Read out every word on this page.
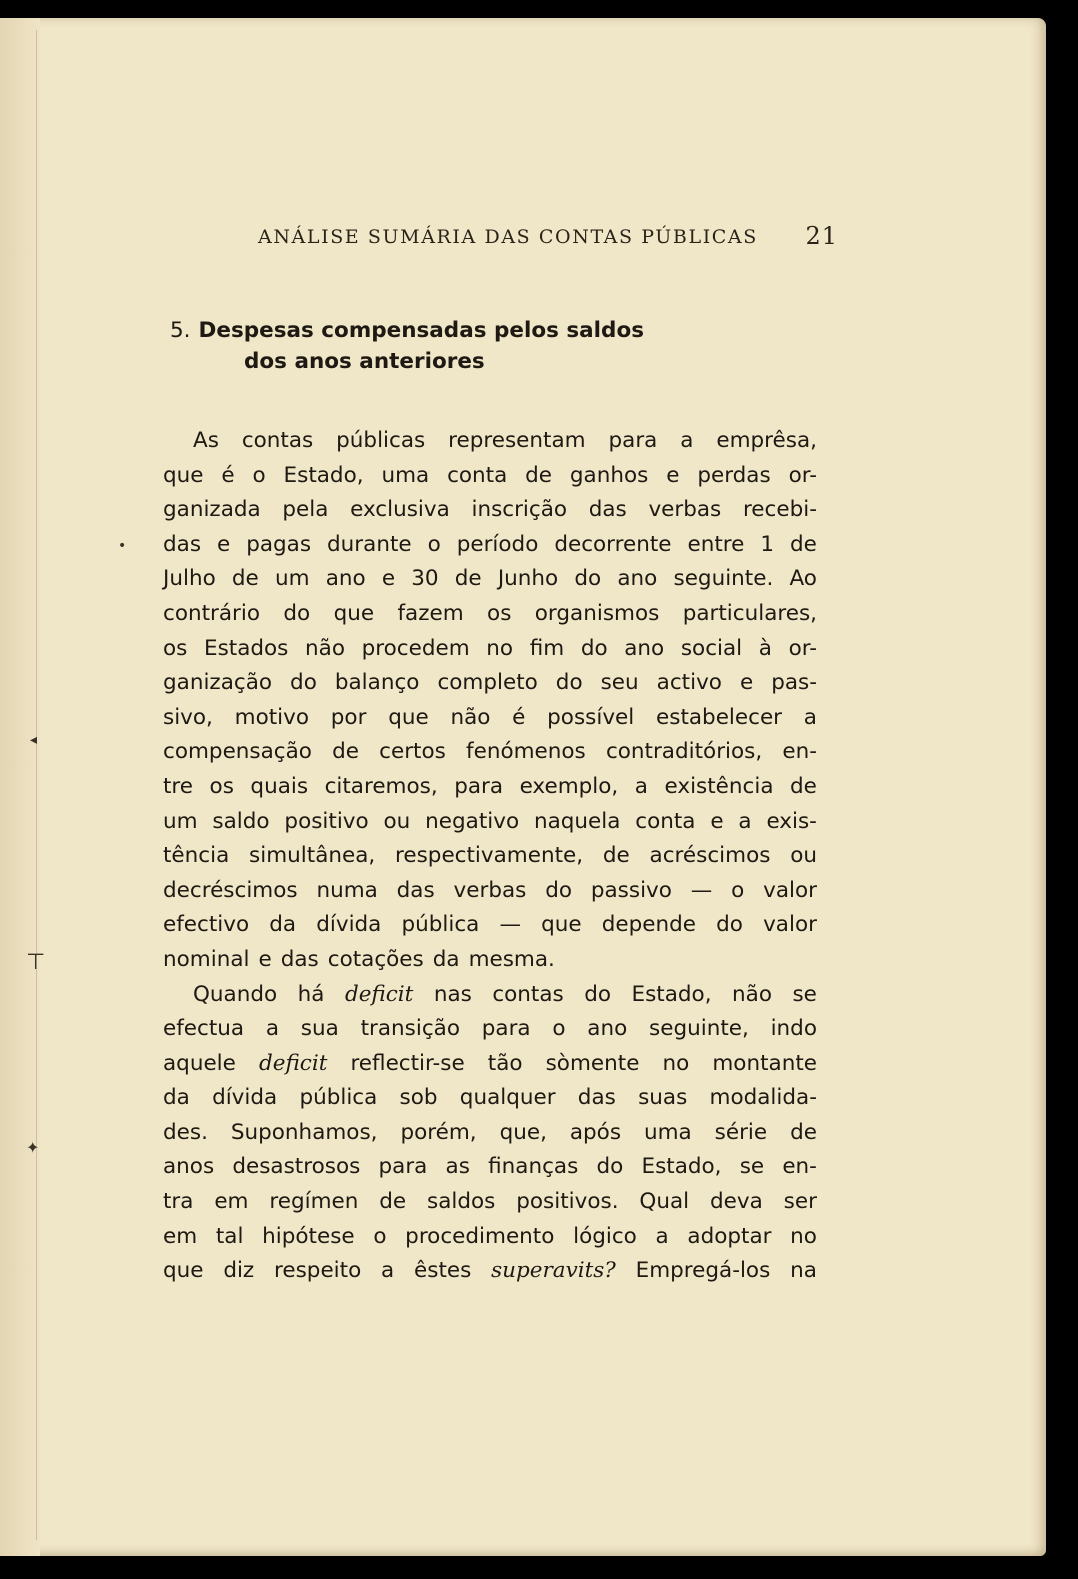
•
◂
⊤
✦
ANÁLISE SUMÁRIA DAS CONTAS PÚBLICAS 21
5. Despesas compensadas pelos saldos
dos anos anteriores
As contas públicas representam para a emprêsa,
que é o Estado, uma conta de ganhos e perdas or-
ganizada pela exclusiva inscrição das verbas recebi-
das e pagas durante o período decorrente entre 1 de
Julho de um ano e 30 de Junho do ano seguinte. Ao
contrário do que fazem os organismos particulares,
os Estados não procedem no fim do ano social à or-
ganização do balanço completo do seu activo e pas-
sivo, motivo por que não é possível estabelecer a
compensação de certos fenómenos contraditórios, en-
tre os quais citaremos, para exemplo, a existência de
um saldo positivo ou negativo naquela conta e a exis-
tência simultânea, respectivamente, de acréscimos ou
decréscimos numa das verbas do passivo — o valor
efectivo da dívida pública — que depende do valor
nominal e das cotações da mesma.
Quando há deficit nas contas do Estado, não se
efectua a sua transição para o ano seguinte, indo
aquele deficit reflectir-se tão sòmente no montante
da dívida pública sob qualquer das suas modalida-
des. Suponhamos, porém, que, após uma série de
anos desastrosos para as finanças do Estado, se en-
tra em regímen de saldos positivos. Qual deva ser
em tal hipótese o procedimento lógico a adoptar no
que diz respeito a êstes superavits? Empregá-los na
